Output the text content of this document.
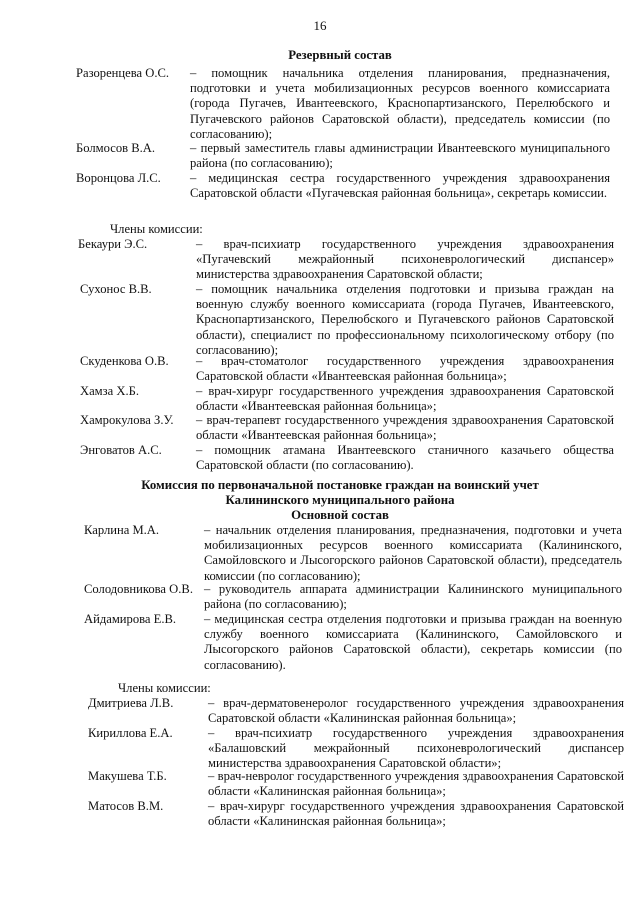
16
Резервный состав
Разоренцева О.С.	– помощник начальника отделения планирования, предназначения, подготовки и учета мобилизационных ресурсов военного комиссариата (города Пугачев, Ивантеевского, Краснопартизанского, Перелюбского и Пугачевского районов Саратовской области), председатель комиссии (по согласованию);
Болмосов В.А.	– первый заместитель главы администрации Ивантеевского муниципального района (по согласованию);
Воронцова Л.С.	– медицинская сестра государственного учреждения здравоохранения Саратовской области «Пугачевская районная больница», секретарь комиссии.
Члены комиссии:
Бекаури Э.С.	– врач-психиатр государственного учреждения здравоохранения «Пугачевский межрайонный психоневрологический диспансер» министерства здравоохранения Саратовской области;
Сухонос В.В.	– помощник начальника отделения подготовки и призыва граждан на военную службу военного комиссариата (города Пугачев, Ивантеевского, Краснопартизанского, Перелюбского и Пугачевского районов Саратовской области), специалист по профессиональному психологическому отбору (по согласованию);
Скуденкова О.В.	– врач-стоматолог государственного учреждения здравоохранения Саратовской области «Ивантеевская районная больница»;
Хамза Х.Б.	– врач-хирург государственного учреждения здравоохранения Саратовской области «Ивантеевская районная больница»;
Хамрокулова З.У.	– врач-терапевт государственного учреждения здравоохранения Саратовской области «Ивантеевская районная больница»;
Энговатов А.С.	– помощник атамана Ивантеевского станичного казачьего общества Саратовской области (по согласованию).
Комиссия по первоначальной постановке граждан на воинский учет
Калининского муниципального района
Основной состав
Карлина М.А.	– начальник отделения планирования, предназначения, подготовки и учета мобилизационных ресурсов военного комиссариата (Калининского, Самойловского и Лысогорского районов Саратовской области), председатель комиссии (по согласованию);
Солодовникова О.В.	– руководитель аппарата администрации Калининского муниципального района (по согласованию);
Айдамирова Е.В.	– медицинская сестра отделения подготовки и призыва граждан на военную службу военного комиссариата (Калининского, Самойловского и Лысогорского районов Саратовской области), секретарь комиссии (по согласованию).
Члены комиссии:
Дмитриева Л.В.	– врач-дерматовенеролог государственного учреждения здравоохранения Саратовской области «Калининская районная больница»;
Кириллова Е.А.	– врач-психиатр государственного учреждения здравоохранения «Балашовский межрайонный психоневрологический диспансер министерства здравоохранения Саратовской области»;
Макушева Т.Б.	– врач-невролог государственного учреждения здравоохранения Саратовской области «Калининская районная больница»;
Матосов В.М.	– врач-хирург государственного учреждения здравоохранения Саратовской области «Калининская районная больница»;
